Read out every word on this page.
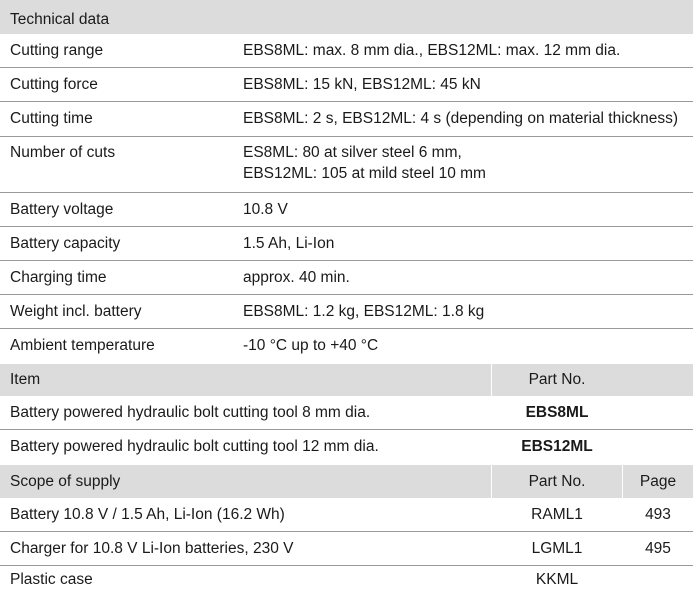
Technical data
Cutting range	EBS8ML: max. 8 mm dia., EBS12ML: max. 12 mm dia.
Cutting force	EBS8ML: 15 kN, EBS12ML: 45 kN
Cutting time	EBS8ML: 2 s, EBS12ML: 4 s (depending on material thickness)
Number of cuts	ES8ML: 80 at silver steel 6 mm,
EBS12ML: 105 at mild steel 10 mm
Battery voltage	10.8 V
Battery capacity	1.5 Ah, Li-Ion
Charging time	approx. 40 min.
Weight incl. battery	EBS8ML: 1.2 kg, EBS12ML: 1.8 kg
Ambient temperature	-10 °C up to +40 °C
Item	Part No.
Battery powered hydraulic bolt cutting tool 8 mm dia.	EBS8ML
Battery powered hydraulic bolt cutting tool 12 mm dia.	EBS12ML
Scope of supply	Part No.	Page
Battery 10.8 V / 1.5 Ah, Li-Ion (16.2 Wh)	RAML1	493
Charger for 10.8 V Li-Ion batteries, 230 V	LGML1	495
Plastic case	KKML
